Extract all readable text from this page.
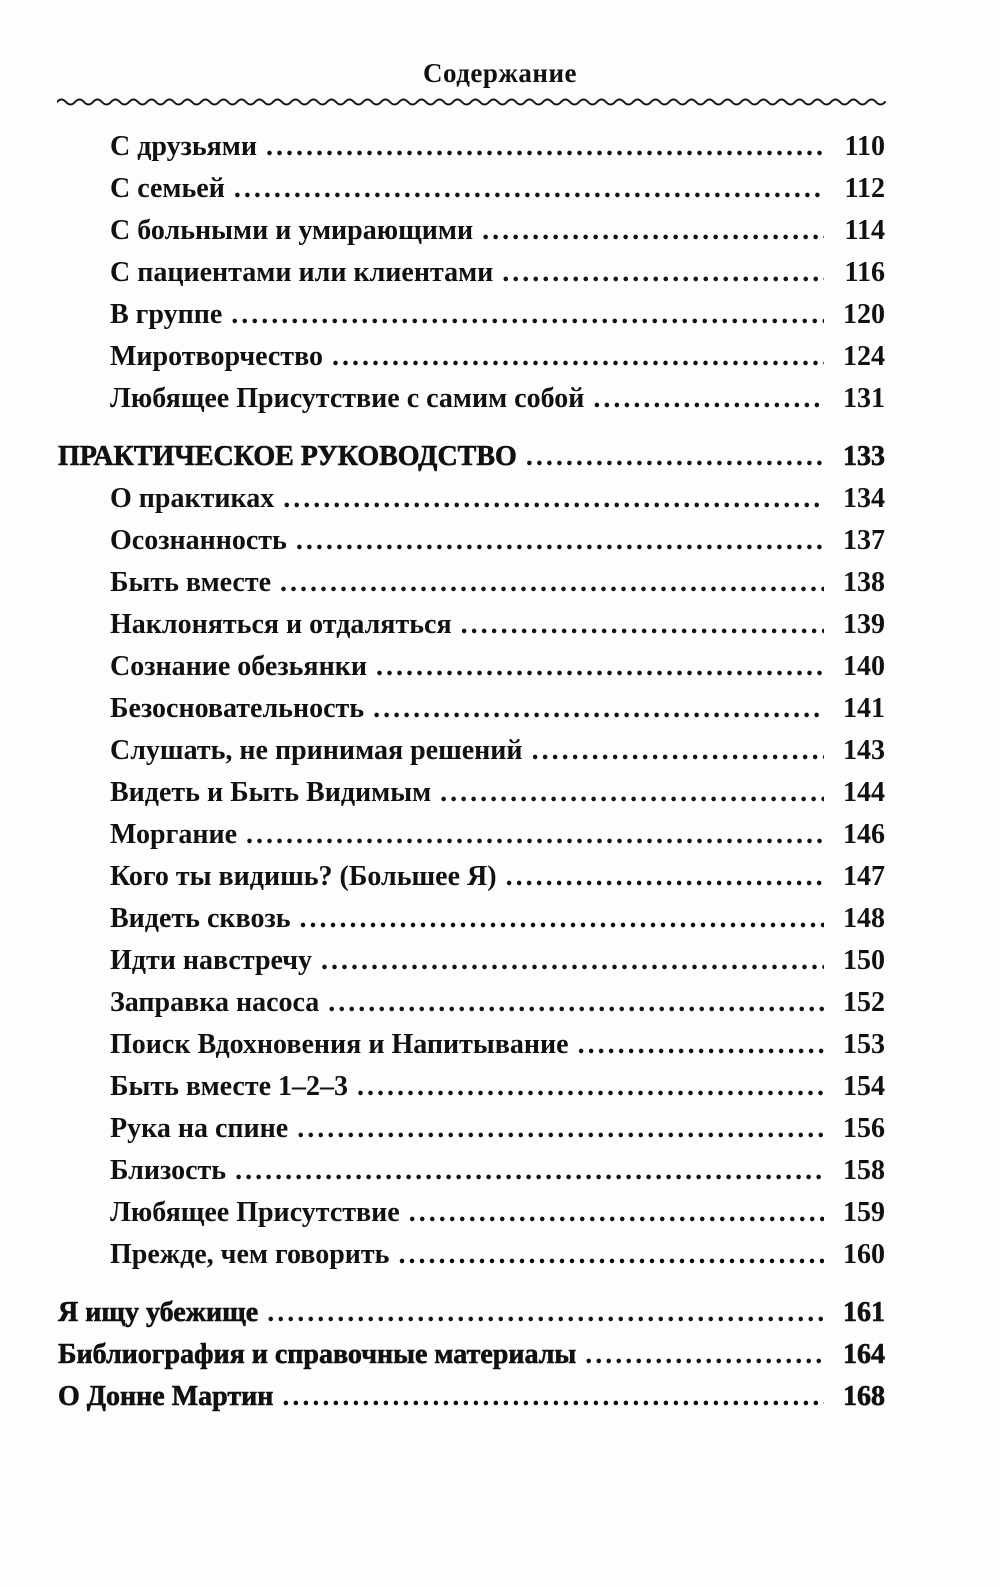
Содержание
С друзьями .....	110
С семьей .....	112
С больными и умирающими .....	114
С пациентами или клиентами .....	116
В группе .....	120
Миротворчество .....	124
Любящее Присутствие с самим собой .....	131
ПРАКТИЧЕСКОЕ РУКОВОДСТВО .....	133
О практиках .....	134
Осознанность .....	137
Быть вместе .....	138
Наклоняться и отдаляться .....	139
Сознание обезьянки .....	140
Безосновательность .....	141
Слушать, не принимая решений .....	143
Видеть и Быть Видимым .....	144
Моргание .....	146
Кого ты видишь? (Большее Я) .....	147
Видеть сквозь .....	148
Идти навстречу .....	150
Заправка насоса .....	152
Поиск Вдохновения и Напитывание .....	153
Быть вместе 1–2–3 .....	154
Рука на спине .....	156
Близость .....	158
Любящее Присутствие .....	159
Прежде, чем говорить .....	160
Я ищу убежище .....	161
Библиография и справочные материалы .....	164
О Донне Мартин .....	168
